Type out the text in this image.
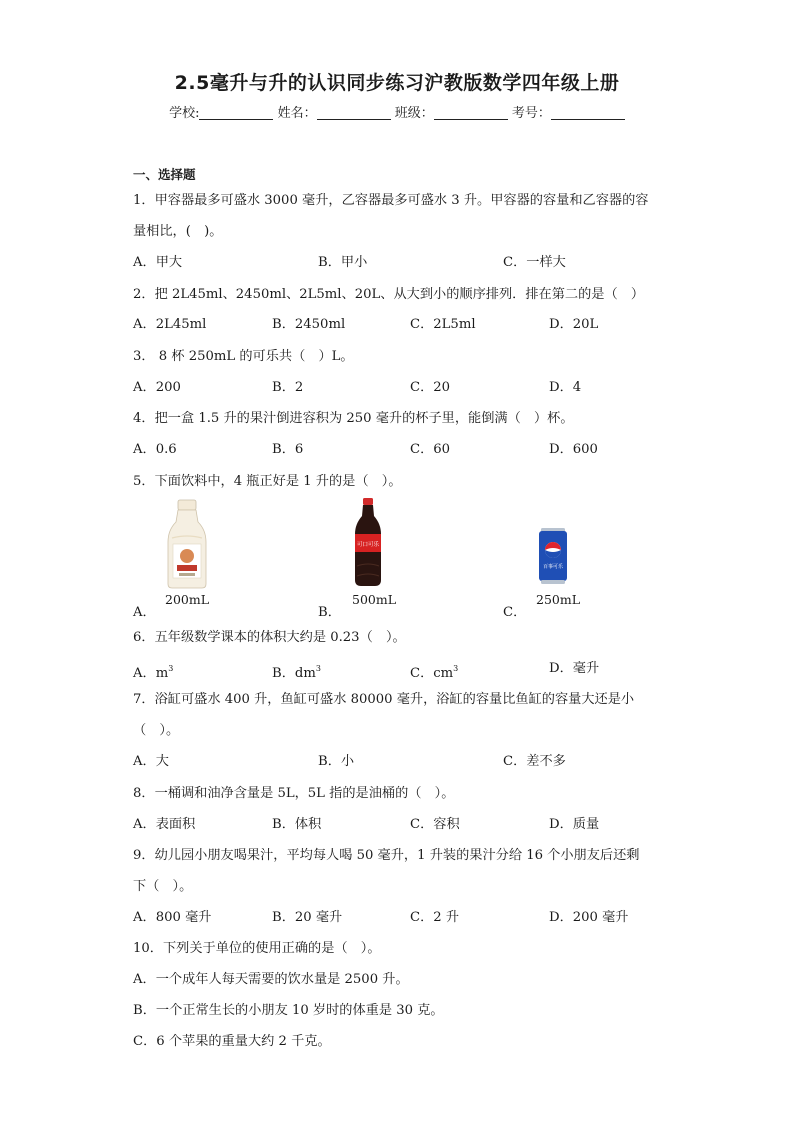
2.5毫升与升的认识同步练习沪教版数学四年级上册
学校:	姓名：	班级：	考号：
一、选择题
1．甲容器最多可盛水 3000 毫升，乙容器最多可盛水 3 升。甲容器的容量和乙容器的容
量相比，(　)。
A．甲大	B．甲小	C．一样大
2．把 2L45ml、2450ml、2L5ml、20L、从大到小的顺序排列．排在第二的是（　）
A．2L45ml	B．2450ml	C．2L5ml	D．20L
3． 8 杯 250mL 的可乐共（　）L。
A．200	B．2	C．20	D．4
4．把一盒 1.5 升的果汁倒进容积为 250 毫升的杯子里，能倒满（　）杯。
A．0.6	B．6	C．60	D．600
5．下面饮料中，4 瓶正好是 1 升的是（　）。
200mL
A．
可口可乐
500mL
B．
百事可乐
250mL
C．
6．五年级数学课本的体积大约是 0.23（　）。
A．$m^3$	B．$dm^3$	C．$cm^3$	D．毫升
7．浴缸可盛水 400 升，鱼缸可盛水 80000 毫升，浴缸的容量比鱼缸的容量大还是小
（　）。
A．大	B．小	C．差不多
8．一桶调和油净含量是 5L，5L 指的是油桶的（　）。
A．表面积	B．体积	C．容积	D．质量
9．幼儿园小朋友喝果汁，平均每人喝 50 毫升，1 升装的果汁分给 16 个小朋友后还剩
下（　）。
A．800 毫升	B．20 毫升	C．2 升	D．200 毫升
10．下列关于单位的使用正确的是（　）。
A．一个成年人每天需要的饮水量是 2500 升。
B．一个正常生长的小朋友 10 岁时的体重是 30 克。
C．6 个苹果的重量大约 2 千克。
